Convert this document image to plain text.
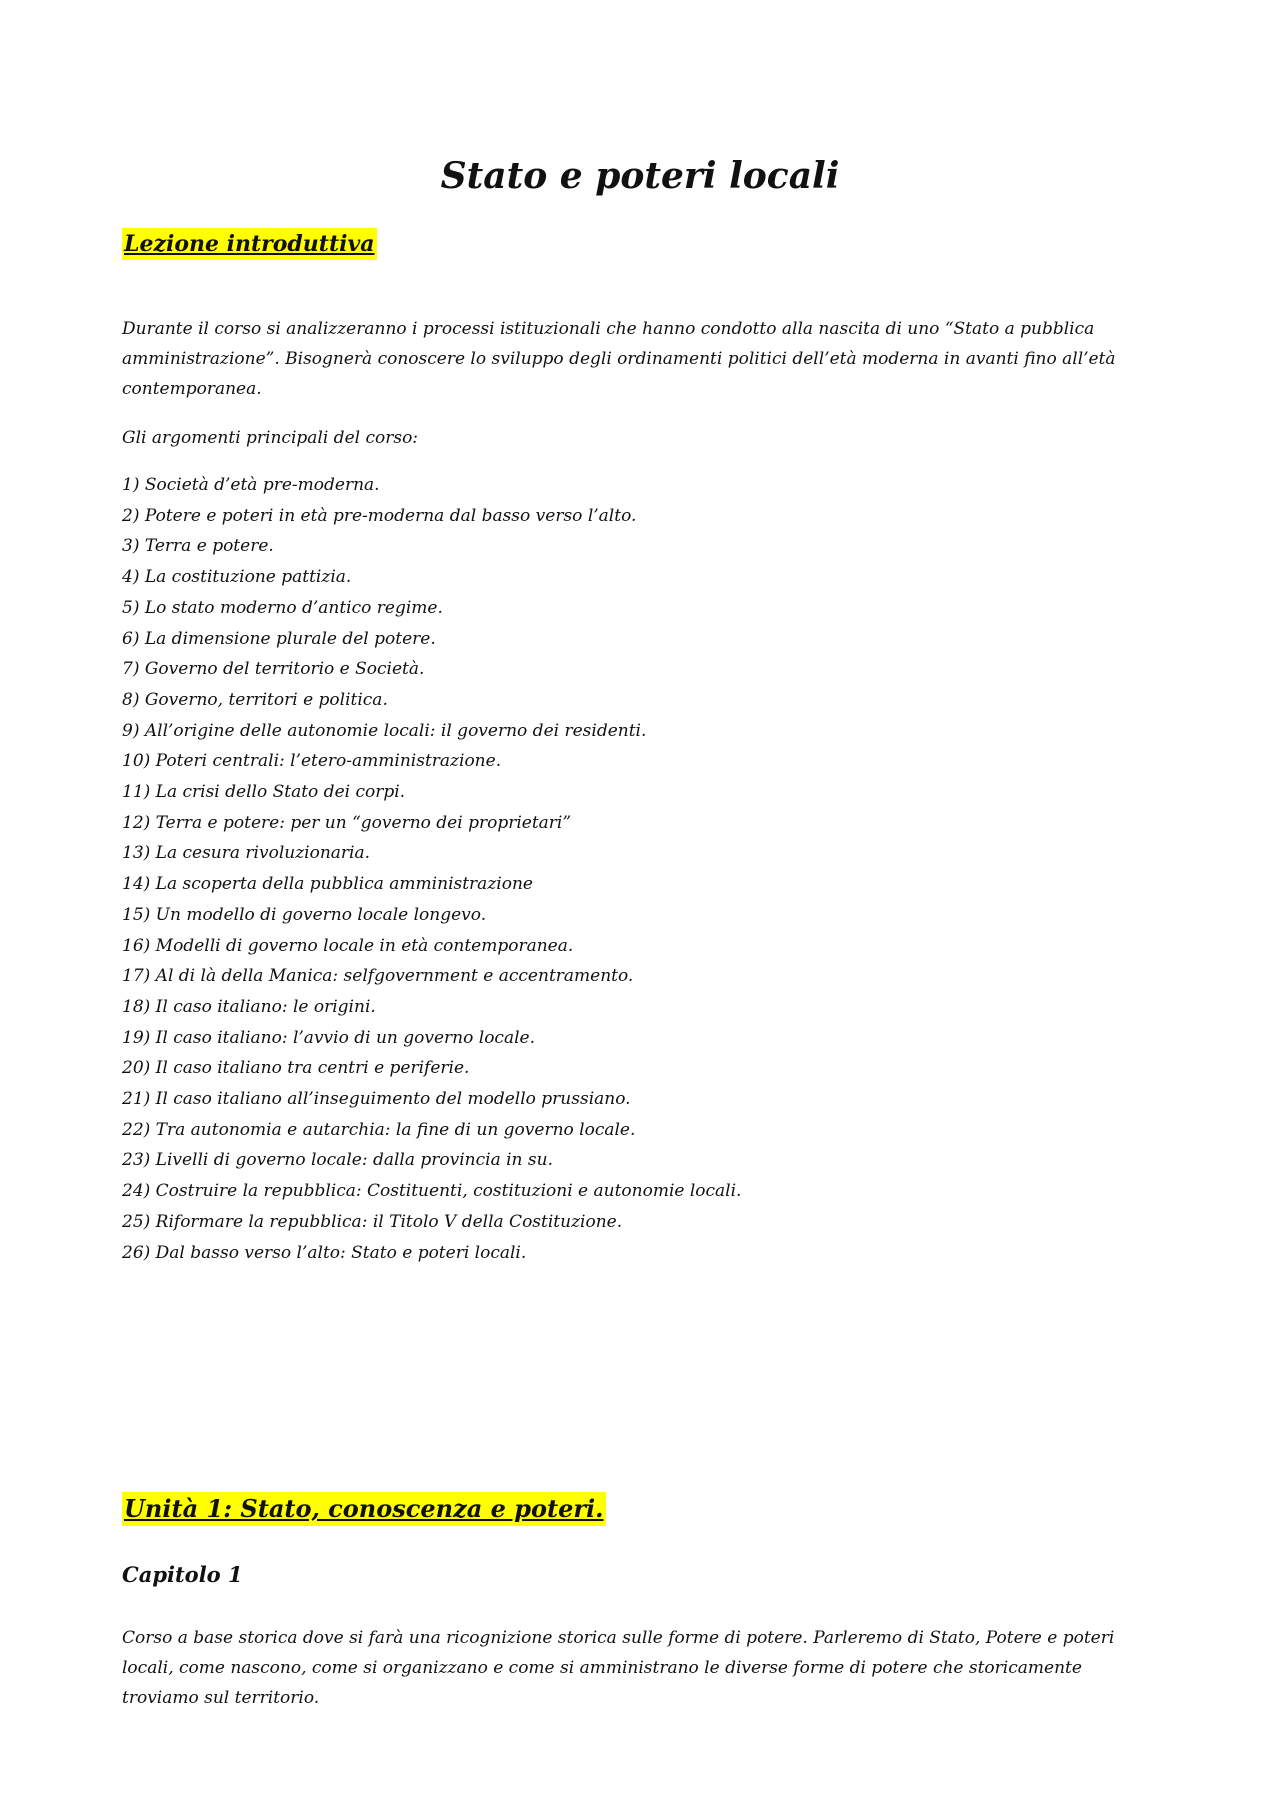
Stato e poteri locali
Lezione introduttiva

Durante il corso si analizzeranno i processi istituzionali che hanno condotto alla nascita di uno “Stato a pubblica amministrazione”. Bisognerà conoscere lo sviluppo degli ordinamenti politici dell’età moderna in avanti fino all’età contemporanea.

Gli argomenti principali del corso:

1) Società d’età pre-moderna.
2) Potere e poteri in età pre-moderna dal basso verso l’alto.
3) Terra e potere.
4) La costituzione pattizia.
5) Lo stato moderno d’antico regime.
6) La dimensione plurale del potere.
7) Governo del territorio e Società.
8) Governo, territori e politica.
9) All’origine delle autonomie locali: il governo dei residenti.
10) Poteri centrali: l’etero-amministrazione.
11) La crisi dello Stato dei corpi.
12) Terra e potere: per un “governo dei proprietari”
13) La cesura rivoluzionaria.
14) La scoperta della pubblica amministrazione
15) Un modello di governo locale longevo.
16) Modelli di governo locale in età contemporanea.
17) Al di là della Manica: selfgovernment e accentramento.
18) Il caso italiano: le origini.
19) Il caso italiano: l’avvio di un governo locale.
20) Il caso italiano tra centri e periferie.
21) Il caso italiano all’inseguimento del modello prussiano.
22) Tra autonomia e autarchia: la fine di un governo locale.
23) Livelli di governo locale: dalla provincia in su.
24) Costruire la repubblica: Costituenti, costituzioni e autonomie locali.
25) Riformare la repubblica: il Titolo V della Costituzione.
26) Dal basso verso l’alto: Stato e poteri locali.
Unità 1: Stato, conoscenza e poteri.
Capitolo 1

Corso a base storica dove si farà una ricognizione storica sulle forme di potere. Parleremo di Stato, Potere e poteri locali, come nascono, come si organizzano e come si amministrano le diverse forme di potere che storicamente troviamo sul territorio.
